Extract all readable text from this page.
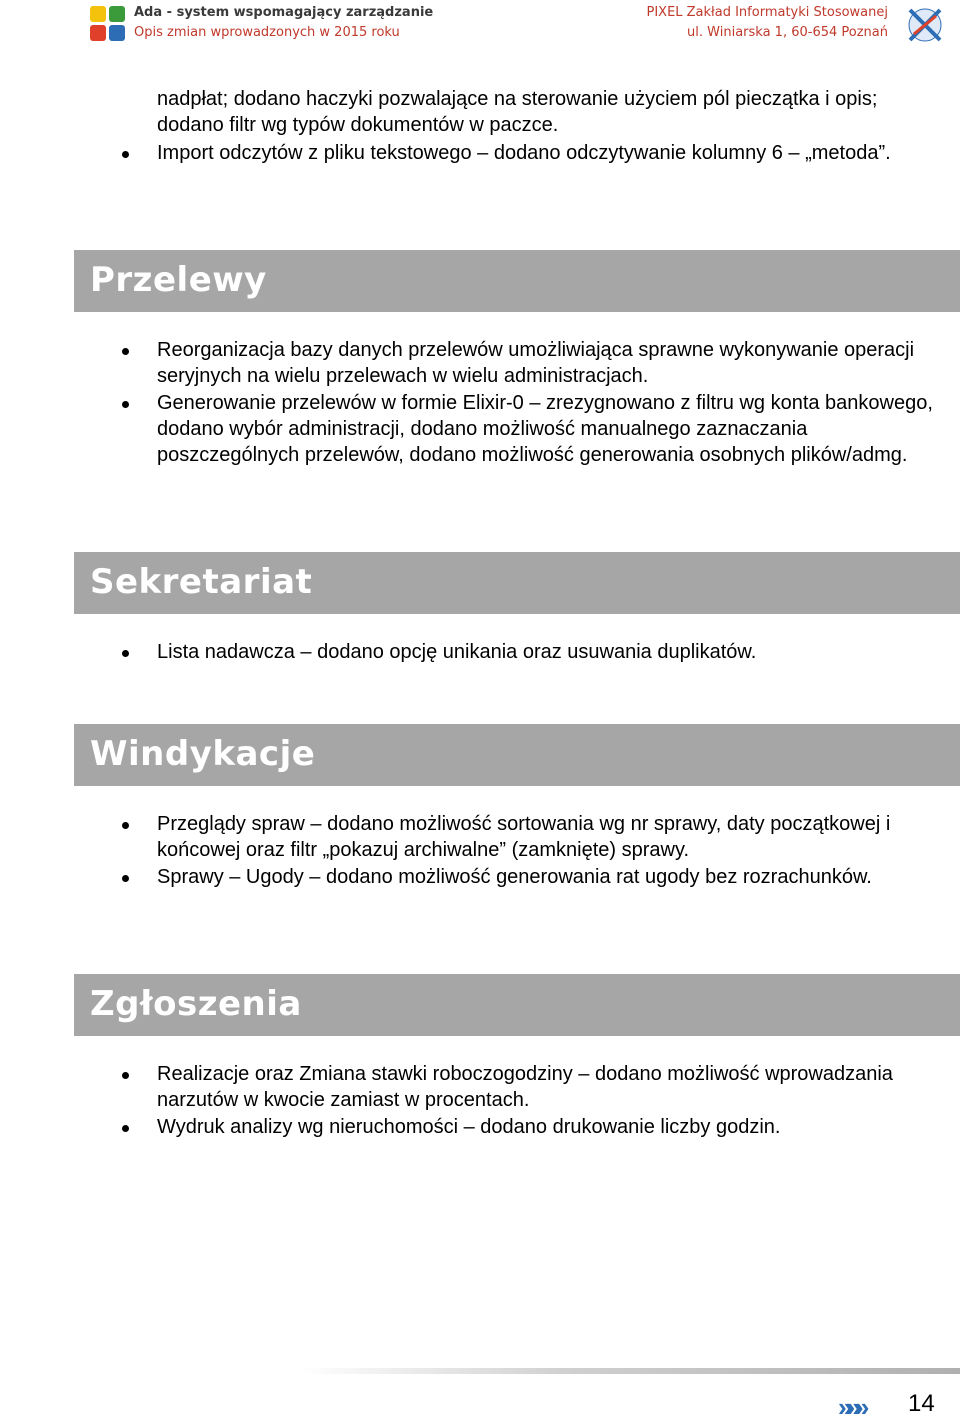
Ada - system wspomagający zarządzanie
Opis zmian wprowadzonych w 2015 roku
PIXEL Zakład Informatyki Stosowanej
ul. Winiarska 1, 60-654 Poznań
nadpłat; dodano haczyki pozwalające na sterowanie użyciem pól pieczątka i opis; dodano filtr wg typów dokumentów w paczce.
Import odczytów z pliku tekstowego – dodano odczytywanie kolumny 6 – „metoda”.
Przelewy
Reorganizacja bazy danych przelewów umożliwiająca sprawne wykonywanie operacji seryjnych na wielu przelewach w wielu administracjach.
Generowanie przelewów w formie Elixir-0 – zrezygnowano z filtru wg konta bankowego, dodano wybór administracji, dodano możliwość manualnego zaznaczania poszczególnych przelewów, dodano możliwość generowania osobnych plików/admg.
Sekretariat
Lista nadawcza – dodano opcję unikania oraz usuwania duplikatów.
Windykacje
Przeglądy spraw – dodano możliwość sortowania wg nr sprawy, daty początkowej i końcowej oraz filtr „pokazuj archiwalne” (zamknięte) sprawy.
Sprawy – Ugody – dodano możliwość generowania rat ugody bez rozrachunków.
Zgłoszenia
Realizacje oraz Zmiana stawki roboczogodziny – dodano możliwość wprowadzania narzutów w kwocie zamiast w procentach.
Wydruk analizy wg nieruchomości – dodano drukowanie liczby godzin.
»»» 14
